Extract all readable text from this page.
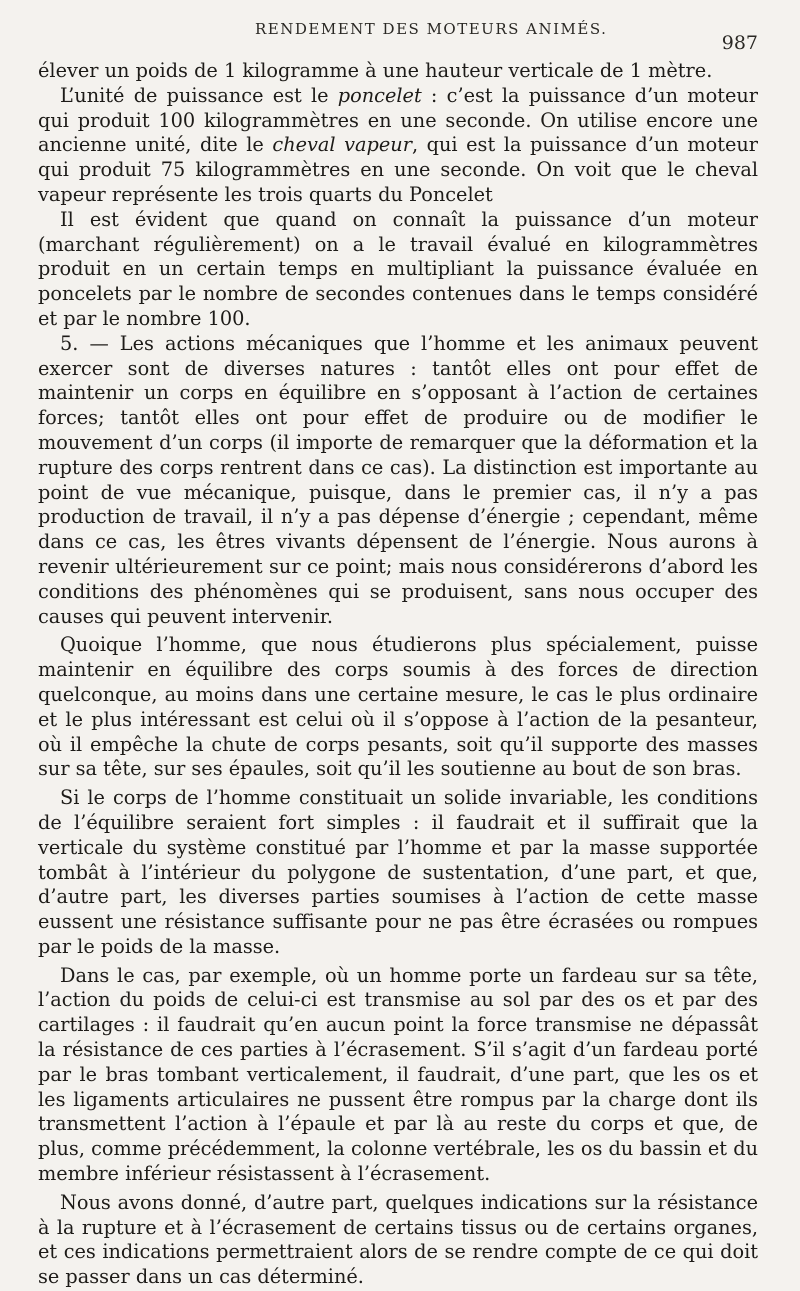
RENDEMENT DES MOTEURS ANIMÉS.
987

élever un poids de 1 kilogramme à une hauteur verticale de 1 mètre.

L’unité de puissance est le poncelet : c’est la puissance d’un moteur qui produit 100 kilogrammètres en une seconde. On utilise encore une ancienne unité, dite le cheval vapeur, qui est la puissance d’un moteur qui produit 75 kilogrammètres en une seconde. On voit que le cheval vapeur représente les trois quarts du Poncelet

Il est évident que quand on connaît la puissance d’un moteur (marchant régulièrement) on a le travail évalué en kilogrammètres produit en un certain temps en multipliant la puissance évaluée en poncelets par le nombre de secondes contenues dans le temps considéré et par le nombre 100.

5. — Les actions mécaniques que l’homme et les animaux peuvent exercer sont de diverses natures : tantôt elles ont pour effet de maintenir un corps en équilibre en s’opposant à l’action de certaines forces; tantôt elles ont pour effet de produire ou de modifier le mouvement d’un corps (il importe de remarquer que la déformation et la rupture des corps rentrent dans ce cas). La distinction est importante au point de vue mécanique, puisque, dans le premier cas, il n’y a pas production de travail, il n’y a pas dépense d’énergie ; cependant, même dans ce cas, les êtres vivants dépensent de l’énergie. Nous aurons à revenir ultérieurement sur ce point; mais nous considérerons d’abord les conditions des phénomènes qui se produisent, sans nous occuper des causes qui peuvent intervenir.

Quoique l’homme, que nous étudierons plus spécialement, puisse maintenir en équilibre des corps soumis à des forces de direction quelconque, au moins dans une certaine mesure, le cas le plus ordinaire et le plus intéressant est celui où il s’oppose à l’action de la pesanteur, où il empêche la chute de corps pesants, soit qu’il supporte des masses sur sa tête, sur ses épaules, soit qu’il les soutienne au bout de son bras.

Si le corps de l’homme constituait un solide invariable, les conditions de l’équilibre seraient fort simples : il faudrait et il suffirait que la verticale du système constitué par l’homme et par la masse supportée tombât à l’intérieur du polygone de sustentation, d’une part, et que, d’autre part, les diverses parties soumises à l’action de cette masse eussent une résistance suffisante pour ne pas être écrasées ou rompues par le poids de la masse.

Dans le cas, par exemple, où un homme porte un fardeau sur sa tête, l’action du poids de celui-ci est transmise au sol par des os et par des cartilages : il faudrait qu’en aucun point la force transmise ne dépassât la résistance de ces parties à l’écrasement. S’il s’agit d’un fardeau porté par le bras tombant verticalement, il faudrait, d’une part, que les os et les ligaments articulaires ne pussent être rompus par la charge dont ils transmettent l’action à l’épaule et par là au reste du corps et que, de plus, comme précédemment, la colonne vertébrale, les os du bassin et du membre inférieur résistassent à l’écrasement.

Nous avons donné, d’autre part, quelques indications sur la résistance à la rupture et à l’écrasement de certains tissus ou de certains organes, et ces indications permettraient alors de se rendre compte de ce qui doit se passer dans un cas déterminé.
